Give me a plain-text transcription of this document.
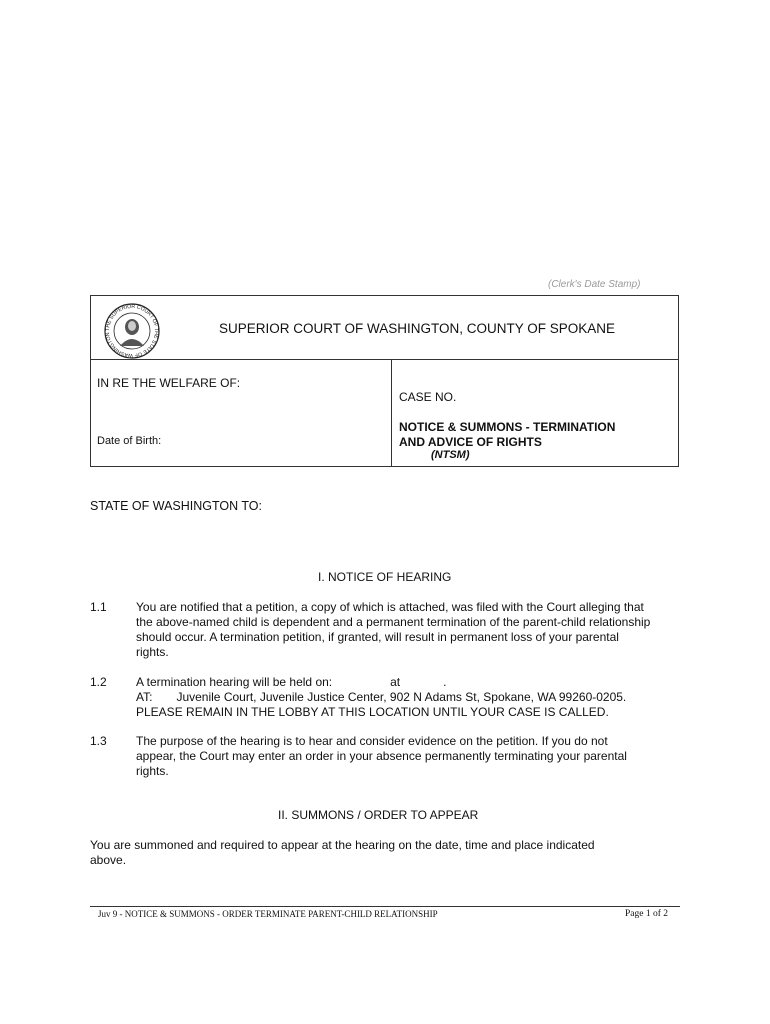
(Clerk's Date Stamp)
THE SUPERIOR COURT OF THE STATE OF WASHINGTON	SUPERIOR COURT OF WASHINGTON, COUNTY OF SPOKANE
IN RE THE WELFARE OF:
Date of Birth:
CASE NO.
NOTICE & SUMMONS - TERMINATION
AND ADVICE OF RIGHTS
(NTSM)
STATE OF WASHINGTON TO:
I. NOTICE OF HEARING
1.1 You are notified that a petition, a copy of which is attached, was filed with the Court alleging that
the above-named child is dependent and a permanent termination of the parent-child relationship
should occur. A termination petition, if granted, will result in permanent loss of your parental
rights.
1.2 A termination hearing will be held on:	at	.
AT: Juvenile Court, Juvenile Justice Center, 902 N Adams St, Spokane, WA 99260-0205.
PLEASE REMAIN IN THE LOBBY AT THIS LOCATION UNTIL YOUR CASE IS CALLED.
1.3 The purpose of the hearing is to hear and consider evidence on the petition. If you do not
appear, the Court may enter an order in your absence permanently terminating your parental
rights.
II. SUMMONS / ORDER TO APPEAR
You are summoned and required to appear at the hearing on the date, time and place indicated
above.
Juv 9 - NOTICE & SUMMONS - ORDER TERMINATE PARENT-CHILD RELATIONSHIP	Page 1 of 2
